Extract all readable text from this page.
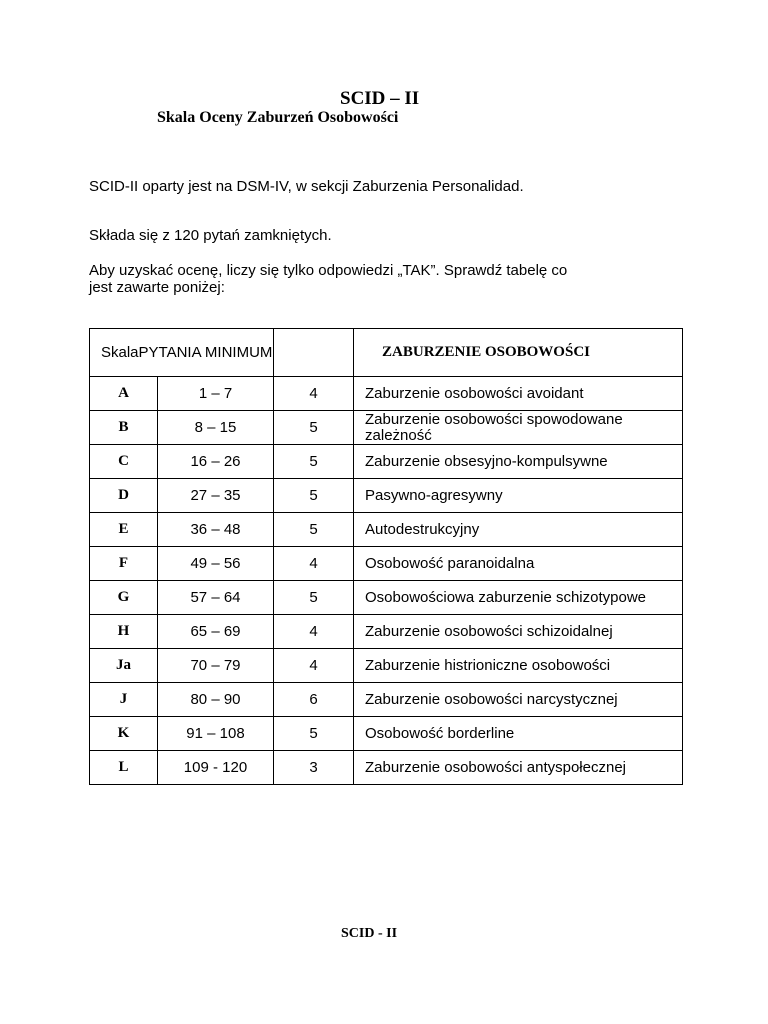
SCID – II
Skala Oceny Zaburzeń Osobowości

SCID-II oparty jest na DSM-IV, w sekcji Zaburzenia Personalidad.

Składa się z 120 pytań zamkniętych.

Aby uzyskać ocenę, liczy się tylko odpowiedzi „TAK”. Sprawdź tabelę co jest zawarte poniżej:

SkalaPYTANIA MINIMUM			ZABURZENIE OSOBOWOŚCI
A	1 – 7	4	Zaburzenie osobowości avoidant
B	8 – 15	5	Zaburzenie osobowości spowodowane zależność
C	16 – 26	5	Zaburzenie obsesyjno-kompulsywne
D	27 – 35	5	Pasywno-agresywny
E	36 – 48	5	Autodestrukcyjny
F	49 – 56	4	Osobowość paranoidalna
G	57 – 64	5	Osobowościowa zaburzenie schizotypowe
H	65 – 69	4	Zaburzenie osobowości schizoidalnej
Ja	70 – 79	4	Zaburzenie histrioniczne osobowości
J	80 – 90	6	Zaburzenie osobowości narcystycznej
K	91 – 108	5	Osobowość borderline
L	109 - 120	3	Zaburzenie osobowości antyspołecznej
SCID - II
